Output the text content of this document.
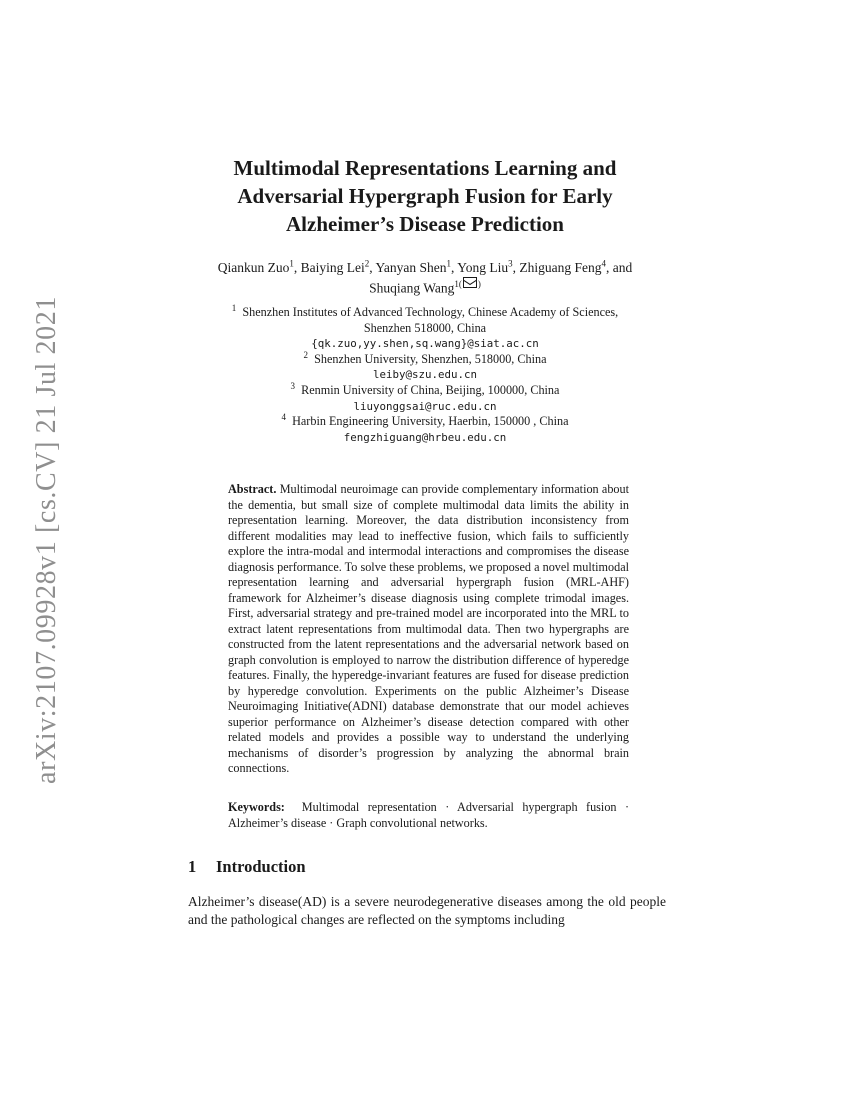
arXiv:2107.09928v1 [cs.CV] 21 Jul 2021
Multimodal Representations Learning and
Adversarial Hypergraph Fusion for Early
Alzheimer’s Disease Prediction
Qiankun Zuo$^1$, Baiying Lei$^2$, Yanyan Shen$^1$, Yong Liu$^3$, Zhiguang Feng$^4$, and
Shuqiang Wang$^{1( )}$
$^1$ Shenzhen Institutes of Advanced Technology, Chinese Academy of Sciences,
Shenzhen 518000, China
{qk.zuo,yy.shen,sq.wang}@siat.ac.cn
$^2$ Shenzhen University, Shenzhen, 518000, China
leiby@szu.edu.cn
$^3$ Renmin University of China, Beijing, 100000, China
liuyonggsai@ruc.edu.cn
$^4$ Harbin Engineering University, Haerbin, 150000 , China
fengzhiguang@hrbeu.edu.cn

Abstract. Multimodal neuroimage can provide complementary information about the dementia, but small size of complete multimodal data limits the ability in representation learning. Moreover, the data distribution inconsistency from different modalities may lead to ineffective fusion, which fails to sufficiently explore the intra-modal and intermodal interactions and compromises the disease diagnosis performance. To solve these problems, we proposed a novel multimodal representation learning and adversarial hypergraph fusion (MRL-AHF) framework for Alzheimer’s disease diagnosis using complete trimodal images. First, adversarial strategy and pre-trained model are incorporated into the MRL to extract latent representations from multimodal data. Then two hypergraphs are constructed from the latent representations and the adversarial network based on graph convolution is employed to narrow the distribution difference of hyperedge features. Finally, the hyperedge-invariant features are fused for disease prediction by hyperedge convolution. Experiments on the public Alzheimer’s Disease Neuroimaging Initiative(ADNI) database demonstrate that our model achieves superior performance on Alzheimer’s disease detection compared with other related models and provides a possible way to understand the underlying mechanisms of disorder’s progression by analyzing the abnormal brain connections.

Keywords: Multimodal representation · Adversarial hypergraph fusion · Alzheimer’s disease · Graph convolutional networks.

1 Introduction

Alzheimer’s disease(AD) is a severe neurodegenerative diseases among the old people and the pathological changes are reflected on the symptoms including
